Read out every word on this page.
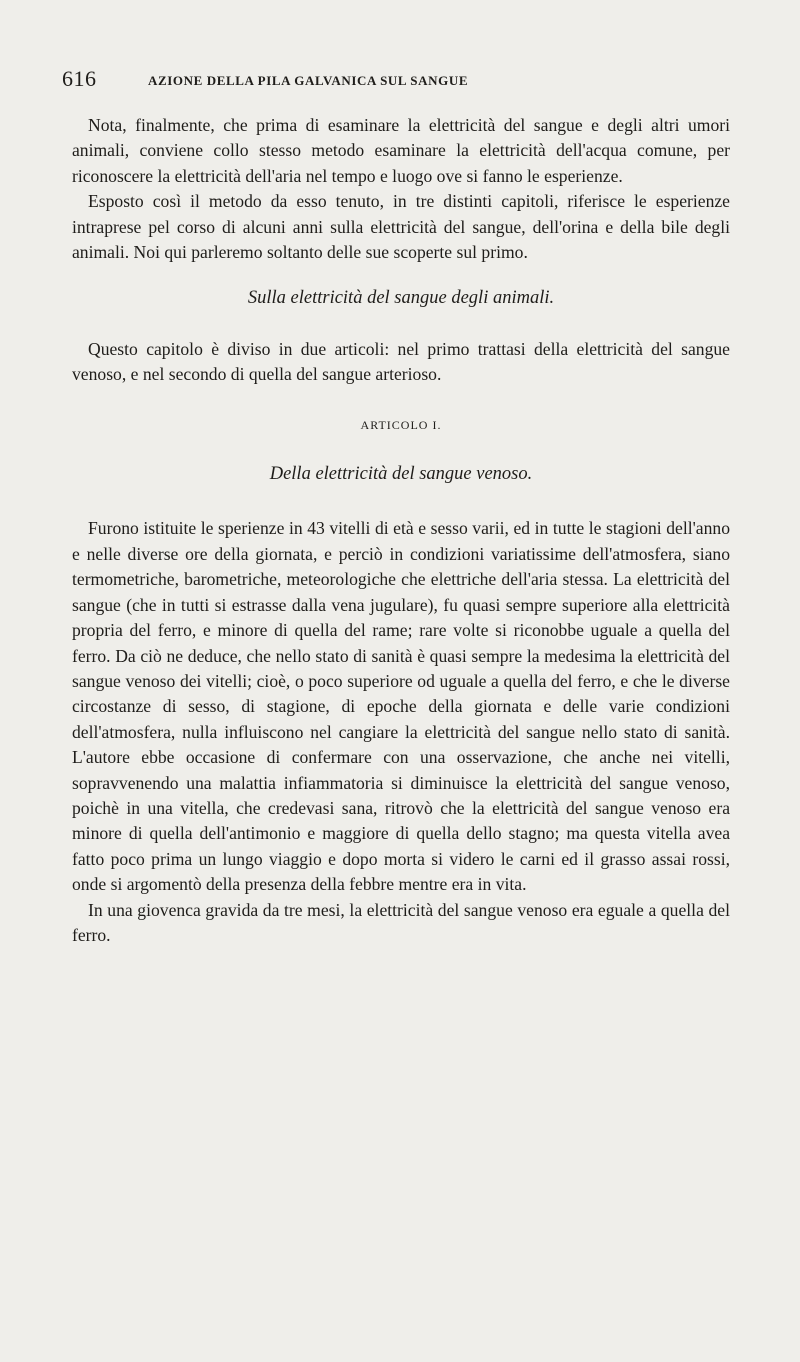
616	AZIONE DELLA PILA GALVANICA SUL SANGUE

Nota, finalmente, che prima di esaminare la elettricità del sangue e degli altri umori animali, conviene collo stesso metodo esaminare la elettricità dell'acqua comune, per riconoscere la elettricità dell'aria nel tempo e luogo ove si fanno le esperienze.

Esposto così il metodo da esso tenuto, in tre distinti capitoli, riferisce le esperienze intraprese pel corso di alcuni anni sulla elettricità del sangue, dell'orina e della bile degli animali. Noi qui parleremo soltanto delle sue scoperte sul primo.

Sulla elettricità del sangue degli animali.

Questo capitolo è diviso in due articoli: nel primo trattasi della elettricità del sangue venoso, e nel secondo di quella del sangue arterioso.

ARTICOLO I.

Della elettricità del sangue venoso.

Furono istituite le sperienze in 43 vitelli di età e sesso varii, ed in tutte le stagioni dell'anno e nelle diverse ore della giornata, e perciò in condizioni variatissime dell'atmosfera, siano termometriche, barometriche, meteorologiche che elettriche dell'aria stessa. La elettricità del sangue (che in tutti si estrasse dalla vena jugulare), fu quasi sempre superiore alla elettricità propria del ferro, e minore di quella del rame; rare volte si riconobbe uguale a quella del ferro. Da ciò ne deduce, che nello stato di sanità è quasi sempre la medesima la elettricità del sangue venoso dei vitelli; cioè, o poco superiore od uguale a quella del ferro, e che le diverse circostanze di sesso, di stagione, di epoche della giornata e delle varie condizioni dell'atmosfera, nulla influiscono nel cangiare la elettricità del sangue nello stato di sanità. L'autore ebbe occasione di confermare con una osservazione, che anche nei vitelli, sopravvenendo una malattia infiammatoria si diminuisce la elettricità del sangue venoso, poichè in una vitella, che credevasi sana, ritrovò che la elettricità del sangue venoso era minore di quella dell'antimonio e maggiore di quella dello stagno; ma questa vitella avea fatto poco prima un lungo viaggio e dopo morta si videro le carni ed il grasso assai rossi, onde si argomentò della presenza della febbre mentre era in vita.

In una giovenca gravida da tre mesi, la elettricità del sangue venoso era eguale a quella del ferro.
